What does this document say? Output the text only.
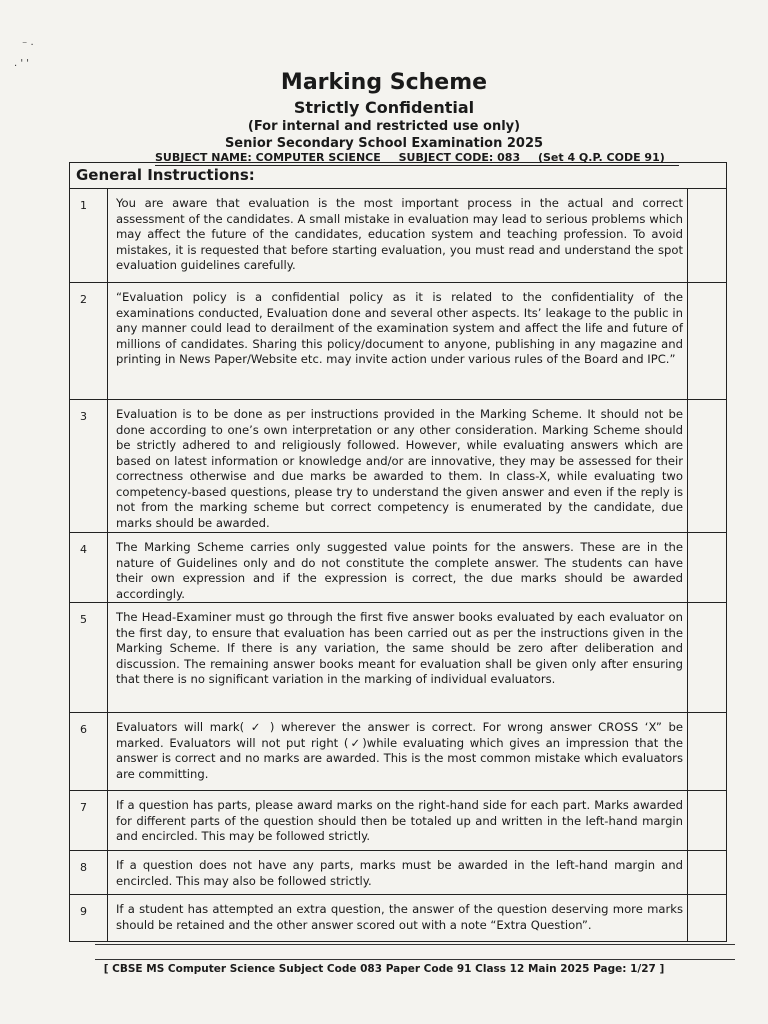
⁻ ·
. ' '
Marking Scheme
Strictly Confidential
(For internal and restricted use only)
Senior Secondary School Examination 2025
SUBJECT NAME: COMPUTER SCIENCE SUBJECT CODE: 083 (Set 4 Q.P. CODE 91)
General Instructions:
1	You are aware that evaluation is the most important process in the actual and correct assessment of the candidates. A small mistake in evaluation may lead to serious problems which may affect the future of the candidates, education system and teaching profession. To avoid mistakes, it is requested that before starting evaluation, you must read and understand the spot evaluation guidelines carefully.
2	“Evaluation policy is a confidential policy as it is related to the confidentiality of the examinations conducted, Evaluation done and several other aspects. Its’ leakage to the public in any manner could lead to derailment of the examination system and affect the life and future of millions of candidates. Sharing this policy/document to anyone, publishing in any magazine and printing in News Paper/Website etc. may invite action under various rules of the Board and IPC.”
3	Evaluation is to be done as per instructions provided in the Marking Scheme. It should not be done according to one’s own interpretation or any other consideration. Marking Scheme should be strictly adhered to and religiously followed. However, while evaluating answers which are based on latest information or knowledge and/or are innovative, they may be assessed for their correctness otherwise and due marks be awarded to them. In class-X, while evaluating two competency-based questions, please try to understand the given answer and even if the reply is not from the marking scheme but correct competency is enumerated by the candidate, due marks should be awarded.
4	The Marking Scheme carries only suggested value points for the answers. These are in the nature of Guidelines only and do not constitute the complete answer. The students can have their own expression and if the expression is correct, the due marks should be awarded accordingly.
5	The Head-Examiner must go through the first five answer books evaluated by each evaluator on the first day, to ensure that evaluation has been carried out as per the instructions given in the Marking Scheme. If there is any variation, the same should be zero after deliberation and discussion. The remaining answer books meant for evaluation shall be given only after ensuring that there is no significant variation in the marking of individual evaluators.
6	Evaluators will mark( ✓ ) wherever the answer is correct. For wrong answer CROSS ‘X” be marked. Evaluators will not put right (✓)while evaluating which gives an impression that the answer is correct and no marks are awarded. This is the most common mistake which evaluators are committing.
7	If a question has parts, please award marks on the right-hand side for each part. Marks awarded for different parts of the question should then be totaled up and written in the left-hand margin and encircled. This may be followed strictly.
8	If a question does not have any parts, marks must be awarded in the left-hand margin and encircled. This may also be followed strictly.
9	If a student has attempted an extra question, the answer of the question deserving more marks should be retained and the other answer scored out with a note “Extra Question”.
[ CBSE MS Computer Science Subject Code 083 Paper Code 91 Class 12 Main 2025 Page: 1/27 ]
